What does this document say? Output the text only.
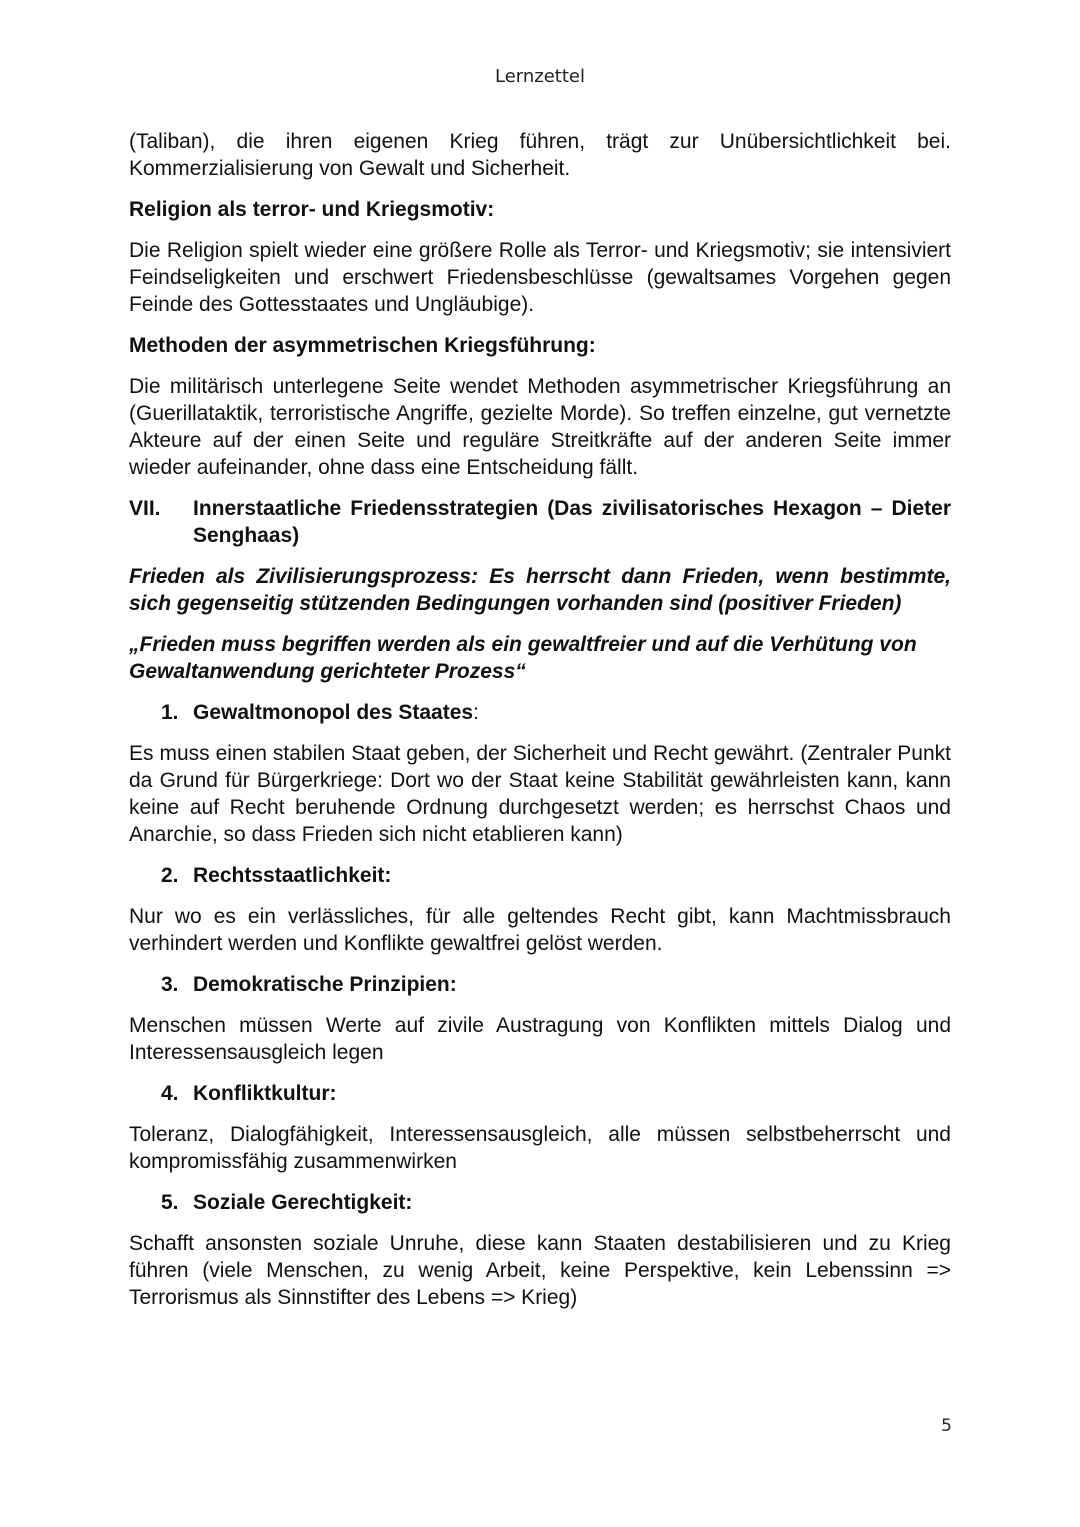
Lernzettel

(Taliban), die ihren eigenen Krieg führen, trägt zur Unübersichtlichkeit bei. Kommerzialisierung von Gewalt und Sicherheit.

Religion als terror- und Kriegsmotiv:

Die Religion spielt wieder eine größere Rolle als Terror- und Kriegsmotiv; sie intensiviert Feindseligkeiten und erschwert Friedensbeschlüsse (gewaltsames Vorgehen gegen Feinde des Gottesstaates und Ungläubige).

Methoden der asymmetrischen Kriegsführung:

Die militärisch unterlegene Seite wendet Methoden asymmetrischer Kriegsführung an (Guerillataktik, terroristische Angriffe, gezielte Morde). So treffen einzelne, gut vernetzte Akteure auf der einen Seite und reguläre Streitkräfte auf der anderen Seite immer wieder aufeinander, ohne dass eine Entscheidung fällt.

VII.	Innerstaatliche Friedensstrategien (Das zivilisatorisches Hexagon – Dieter Senghaas)

Frieden als Zivilisierungsprozess: Es herrscht dann Frieden, wenn bestimmte, sich gegenseitig stützenden Bedingungen vorhanden sind (positiver Frieden)

„Frieden muss begriffen werden als ein gewaltfreier und auf die Verhütung von Gewaltanwendung gerichteter Prozess“

1. Gewaltmonopol des Staates:

Es muss einen stabilen Staat geben, der Sicherheit und Recht gewährt. (Zentraler Punkt da Grund für Bürgerkriege: Dort wo der Staat keine Stabilität gewährleisten kann, kann keine auf Recht beruhende Ordnung durchgesetzt werden; es herrschst Chaos und Anarchie, so dass Frieden sich nicht etablieren kann)

2. Rechtsstaatlichkeit:

Nur wo es ein verlässliches, für alle geltendes Recht gibt, kann Machtmissbrauch verhindert werden und Konflikte gewaltfrei gelöst werden.

3. Demokratische Prinzipien:

Menschen müssen Werte auf zivile Austragung von Konflikten mittels Dialog und Interessensausgleich legen

4. Konfliktkultur:

Toleranz, Dialogfähigkeit, Interessensausgleich, alle müssen selbstbeherrscht und kompromissfähig zusammenwirken

5. Soziale Gerechtigkeit:

Schafft ansonsten soziale Unruhe, diese kann Staaten destabilisieren und zu Krieg führen (viele Menschen, zu wenig Arbeit, keine Perspektive, kein Lebenssinn => Terrorismus als Sinnstifter des Lebens => Krieg)

5
